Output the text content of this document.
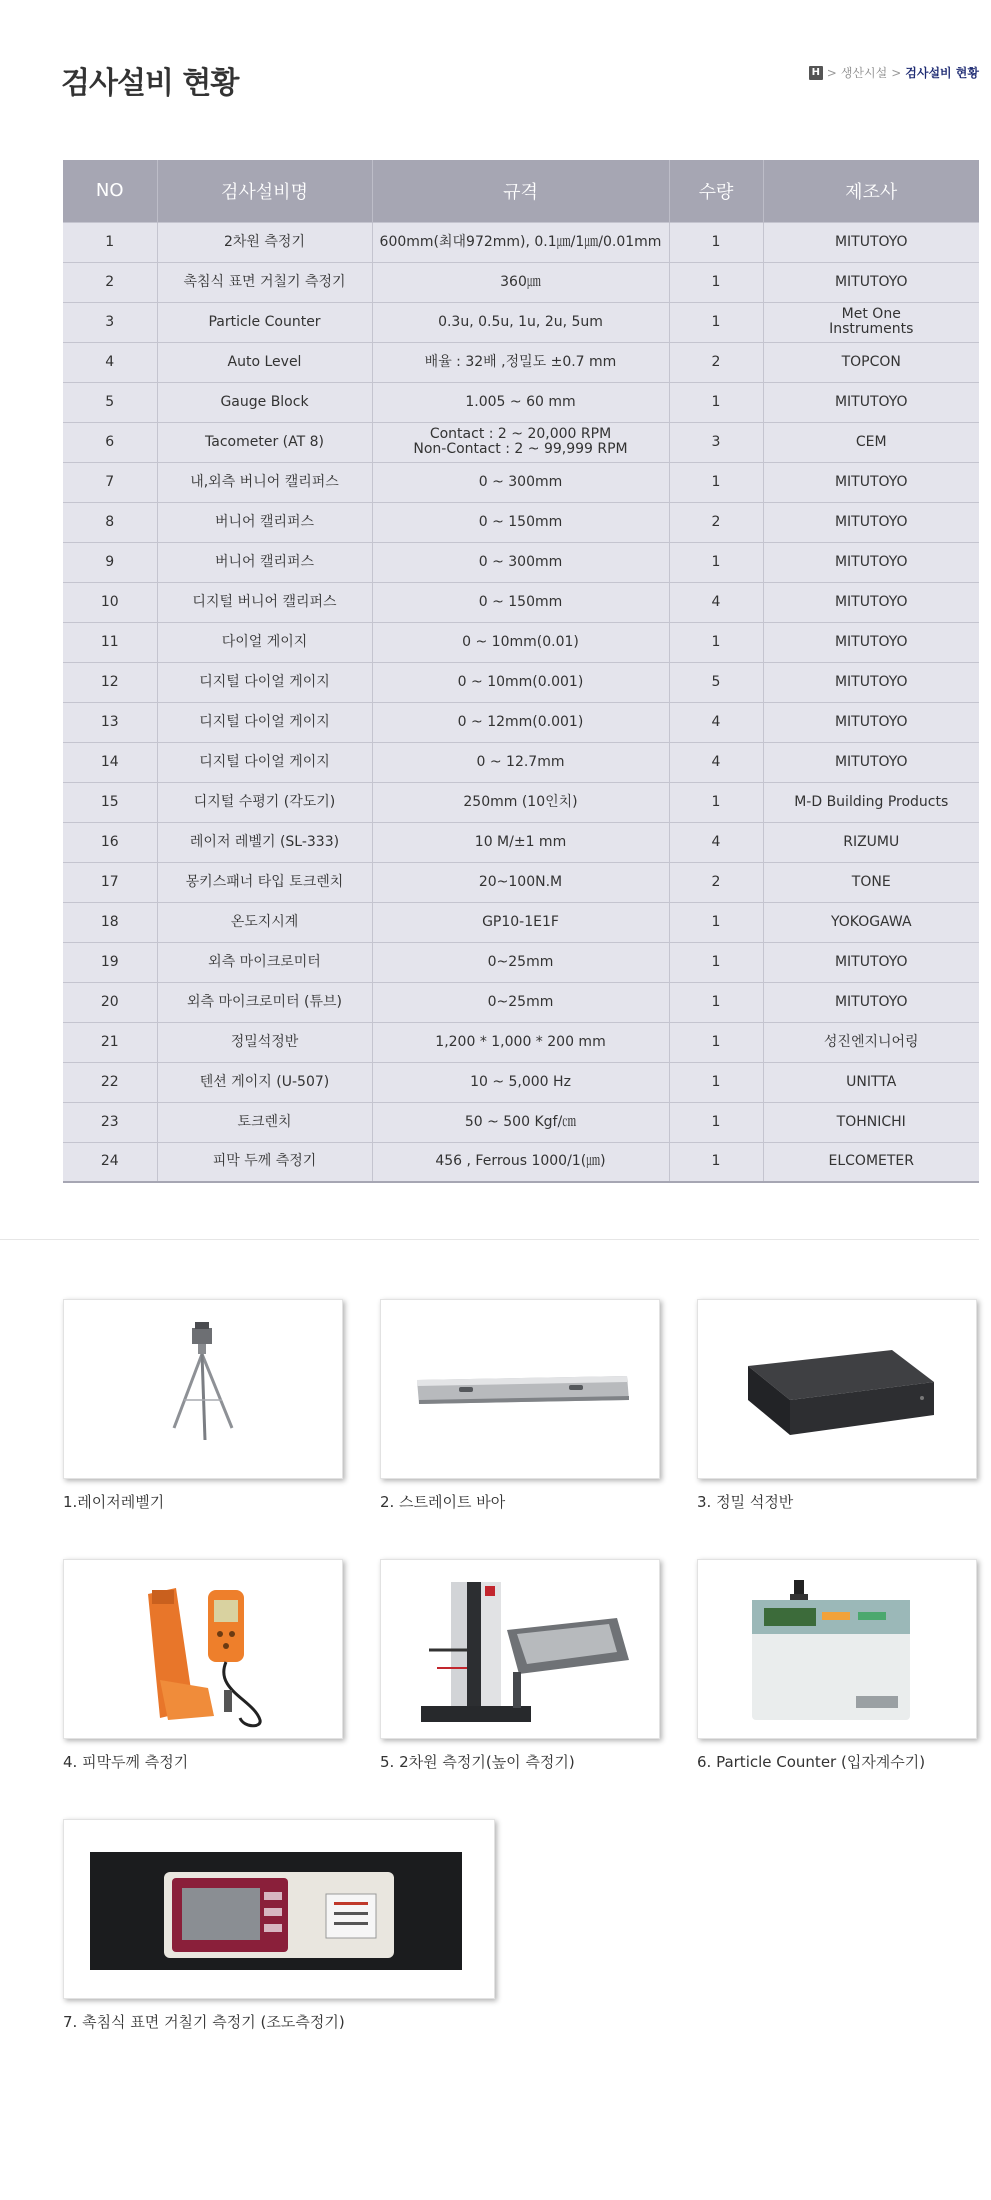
검사설비 현황	H > 생산시설 > 검사설비 현황
NO	검사설비명	규격	수량	제조사
1	2차원 측정기	600mm(최대972mm), 0.1㎛/1㎛/0.01mm	1	MITUTOYO
2	촉침식 표면 거칠기 측정기	360㎛	1	MITUTOYO
3	Particle Counter	0.3u, 0.5u, 1u, 2u, 5um	1	Met One
Instruments
4	Auto Level	배율 : 32배 ,정밀도 ±0.7 mm	2	TOPCON
5	Gauge Block	1.005 ~ 60 mm	1	MITUTOYO
6	Tacometer (AT 8)	Contact : 2 ~ 20,000 RPM
Non-Contact : 2 ~ 99,999 RPM	3	CEM
7	내,외측 버니어 캘리퍼스	0 ~ 300mm	1	MITUTOYO
8	버니어 캘리퍼스	0 ~ 150mm	2	MITUTOYO
9	버니어 캘리퍼스	0 ~ 300mm	1	MITUTOYO
10	디지털 버니어 캘리퍼스	0 ~ 150mm	4	MITUTOYO
11	다이얼 게이지	0 ~ 10mm(0.01)	1	MITUTOYO
12	디지털 다이얼 게이지	0 ~ 10mm(0.001)	5	MITUTOYO
13	디지털 다이얼 게이지	0 ~ 12mm(0.001)	4	MITUTOYO
14	디지털 다이얼 게이지	0 ~ 12.7mm	4	MITUTOYO
15	디지털 수평기 (각도기)	250mm (10인치)	1	M-D Building Products
16	레이저 레벨기 (SL-333)	10 M/±1 mm	4	RIZUMU
17	몽키스패너 타입 토크렌치	20~100N.M	2	TONE
18	온도지시계	GP10-1E1F	1	YOKOGAWA
19	외측 마이크로미터	0~25mm	1	MITUTOYO
20	외측 마이크로미터 (튜브)	0~25mm	1	MITUTOYO
21	정밀석정반	1,200 * 1,000 * 200 mm	1	성진엔지니어링
22	텐션 게이지 (U-507)	10 ~ 5,000 Hz	1	UNITTA
23	토크렌치	50 ~ 500 Kgf/㎝	1	TOHNICHI
24	피막 두께 측정기	456 , Ferrous 1000/1(㎛)	1	ELCOMETER
1.레이저레벨기	2. 스트레이트 바아	3. 정밀 석정반
4. 피막두께 측정기	5. 2차원 측정기(높이 측정기)	6. Particle Counter (입자계수기)
7. 촉침식 표면 거칠기 측정기 (조도측정기)
